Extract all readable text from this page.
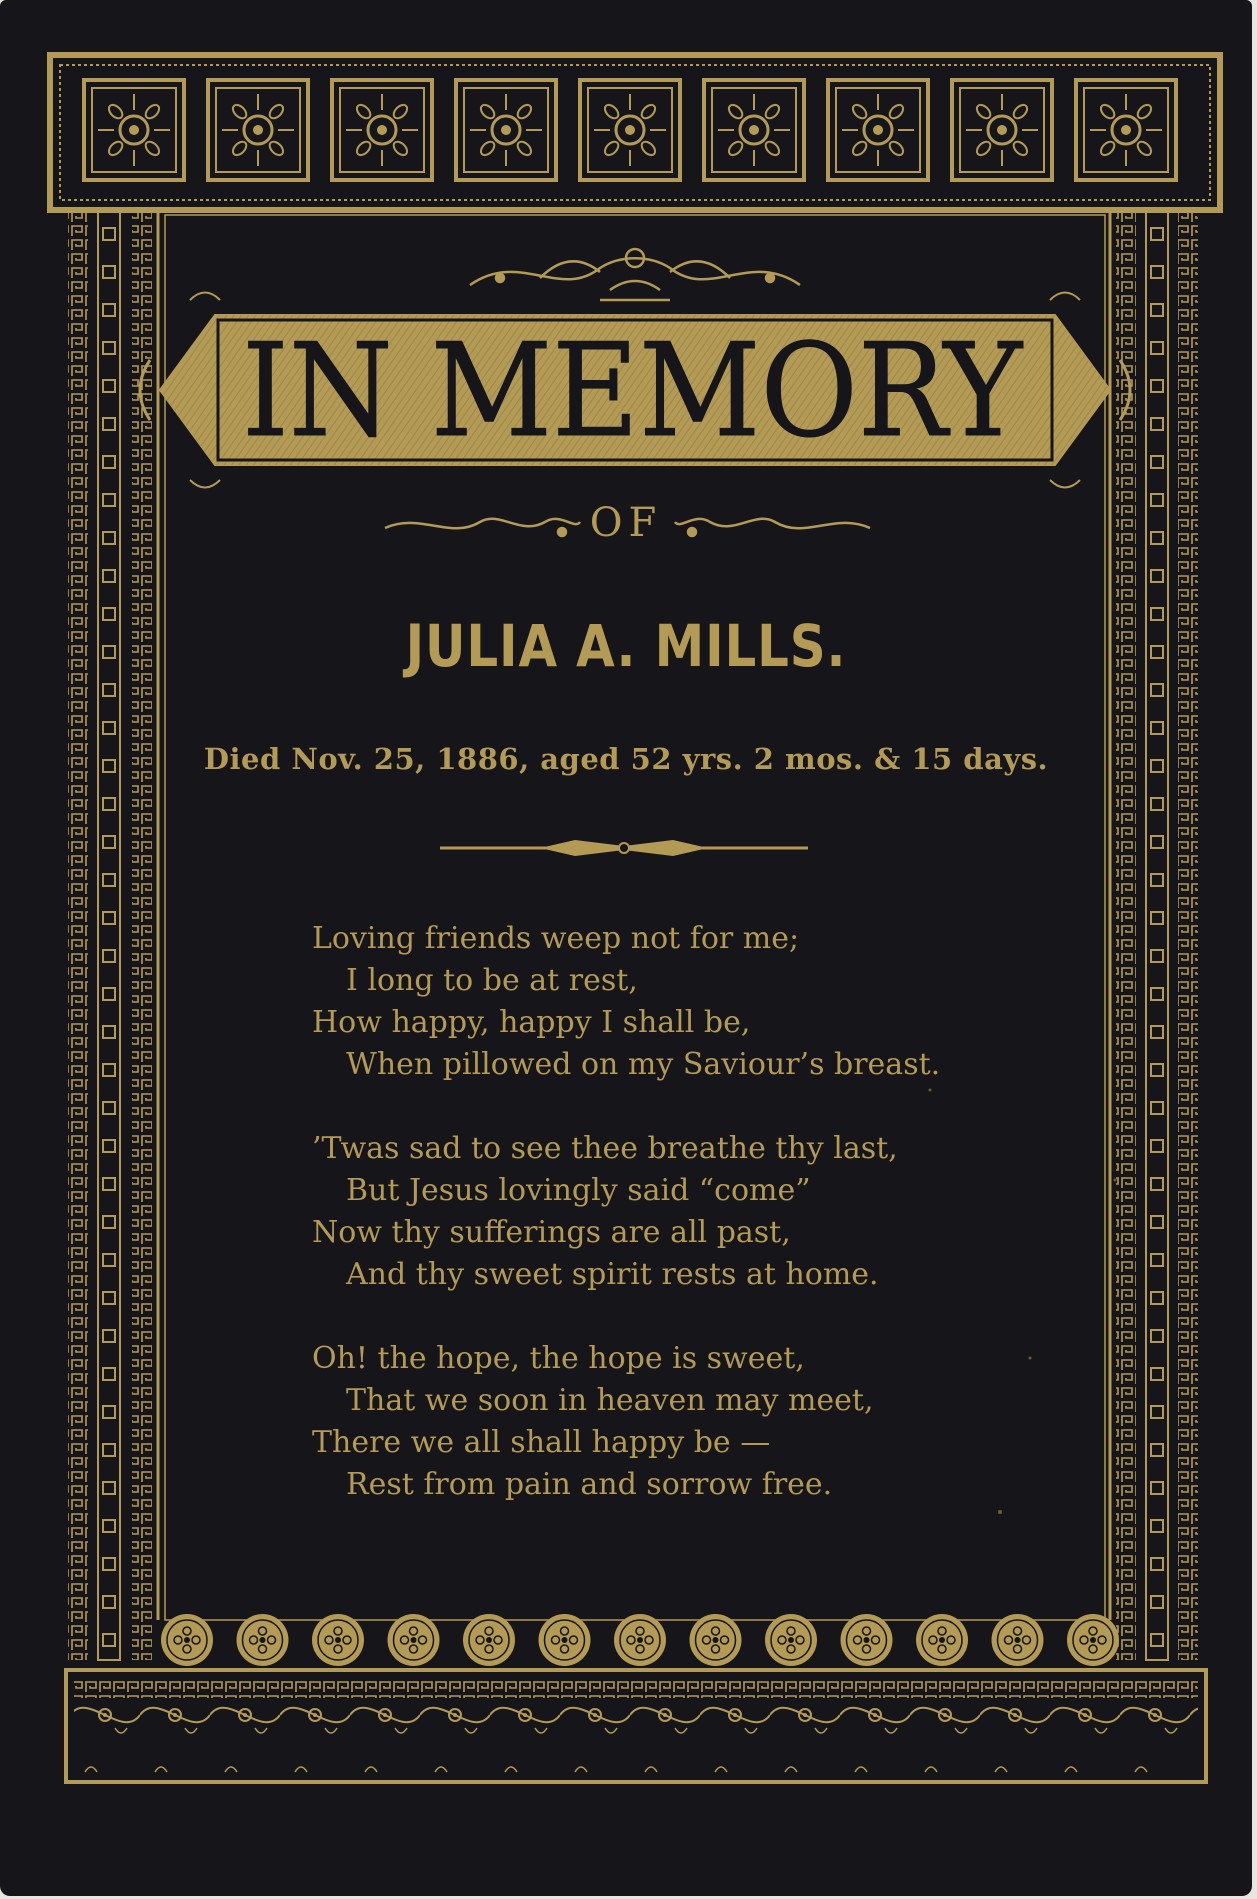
IN MEMORY
OF
JULIA A. MILLS.
Died Nov. 25, 1886, aged 52 yrs. 2 mos. & 15 days.
Loving friends weep not for me;
I long to be at rest,
How happy, happy I shall be,
When pillowed on my Saviour’s breast.
’Twas sad to see thee breathe thy last,
But Jesus lovingly said “come”
Now thy sufferings are all past,
And thy sweet spirit rests at home.
Oh! the hope, the hope is sweet,
That we soon in heaven may meet,
There we all shall happy be —
Rest from pain and sorrow free.
